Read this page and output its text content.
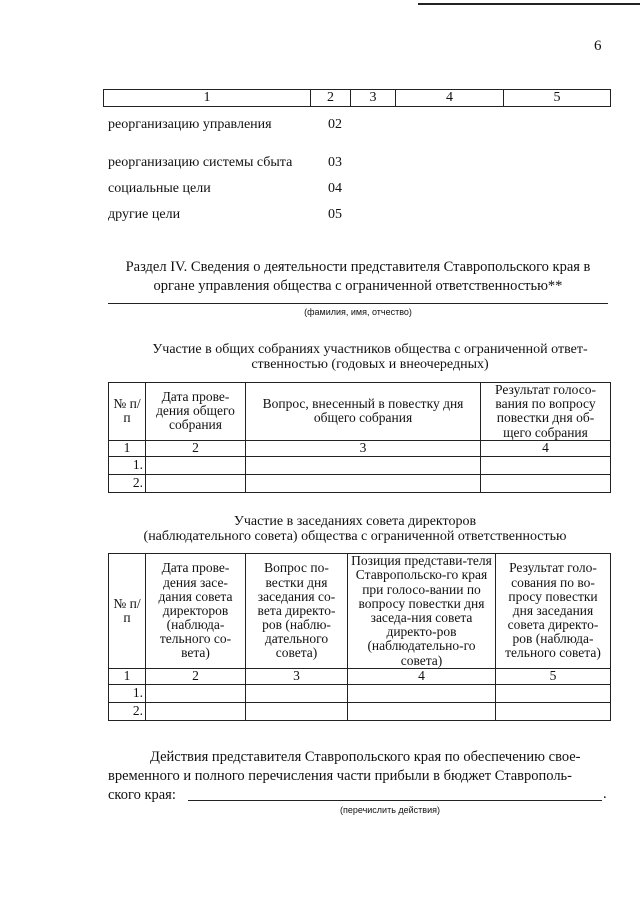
6
1	2	3	4	5
реорганизацию управления	02
реорганизацию системы сбыта	03
социальные цели	04
другие цели	05
Раздел IV. Сведения о деятельности представителя Ставропольского края в
органе управления общества с ограниченной ответственностью**
(фамилия, имя, отчество)
Участие в общих собраниях участников общества с ограниченной ответ-
ственностью (годовых и внеочередных)
№ п/п	Дата прове-дения общего собрания	Вопрос, внесенный в повестку дня общего собрания	Результат голосо-вания по вопросу повестки дня об-щего собрания
1	2	3	4
1.			
2.			
Участие в заседаниях совета директоров
(наблюдательного совета) общества с ограниченной ответственностью
№ п/п	Дата прове-дения засе-дания совета директоров (наблюда-тельного со-вета)	Вопрос по-вестки дня заседания со-вета директо-ров (наблю-дательного совета)	Позиция представи-теля Ставропольско-го края при голосо-вании по вопросу повестки дня заседа-ния совета директо-ров (наблюдательно-го совета)	Результат голо-сования по во-просу повестки дня заседания совета директо-ров (наблюда-тельного совета)
1	2	3	4	5
1.				
2.				

Действия представителя Ставропольского края по обеспечению свое-

временного и полного перечисления части прибыли в бюджет Ставрополь-

ского края:	.
(перечислить действия)
